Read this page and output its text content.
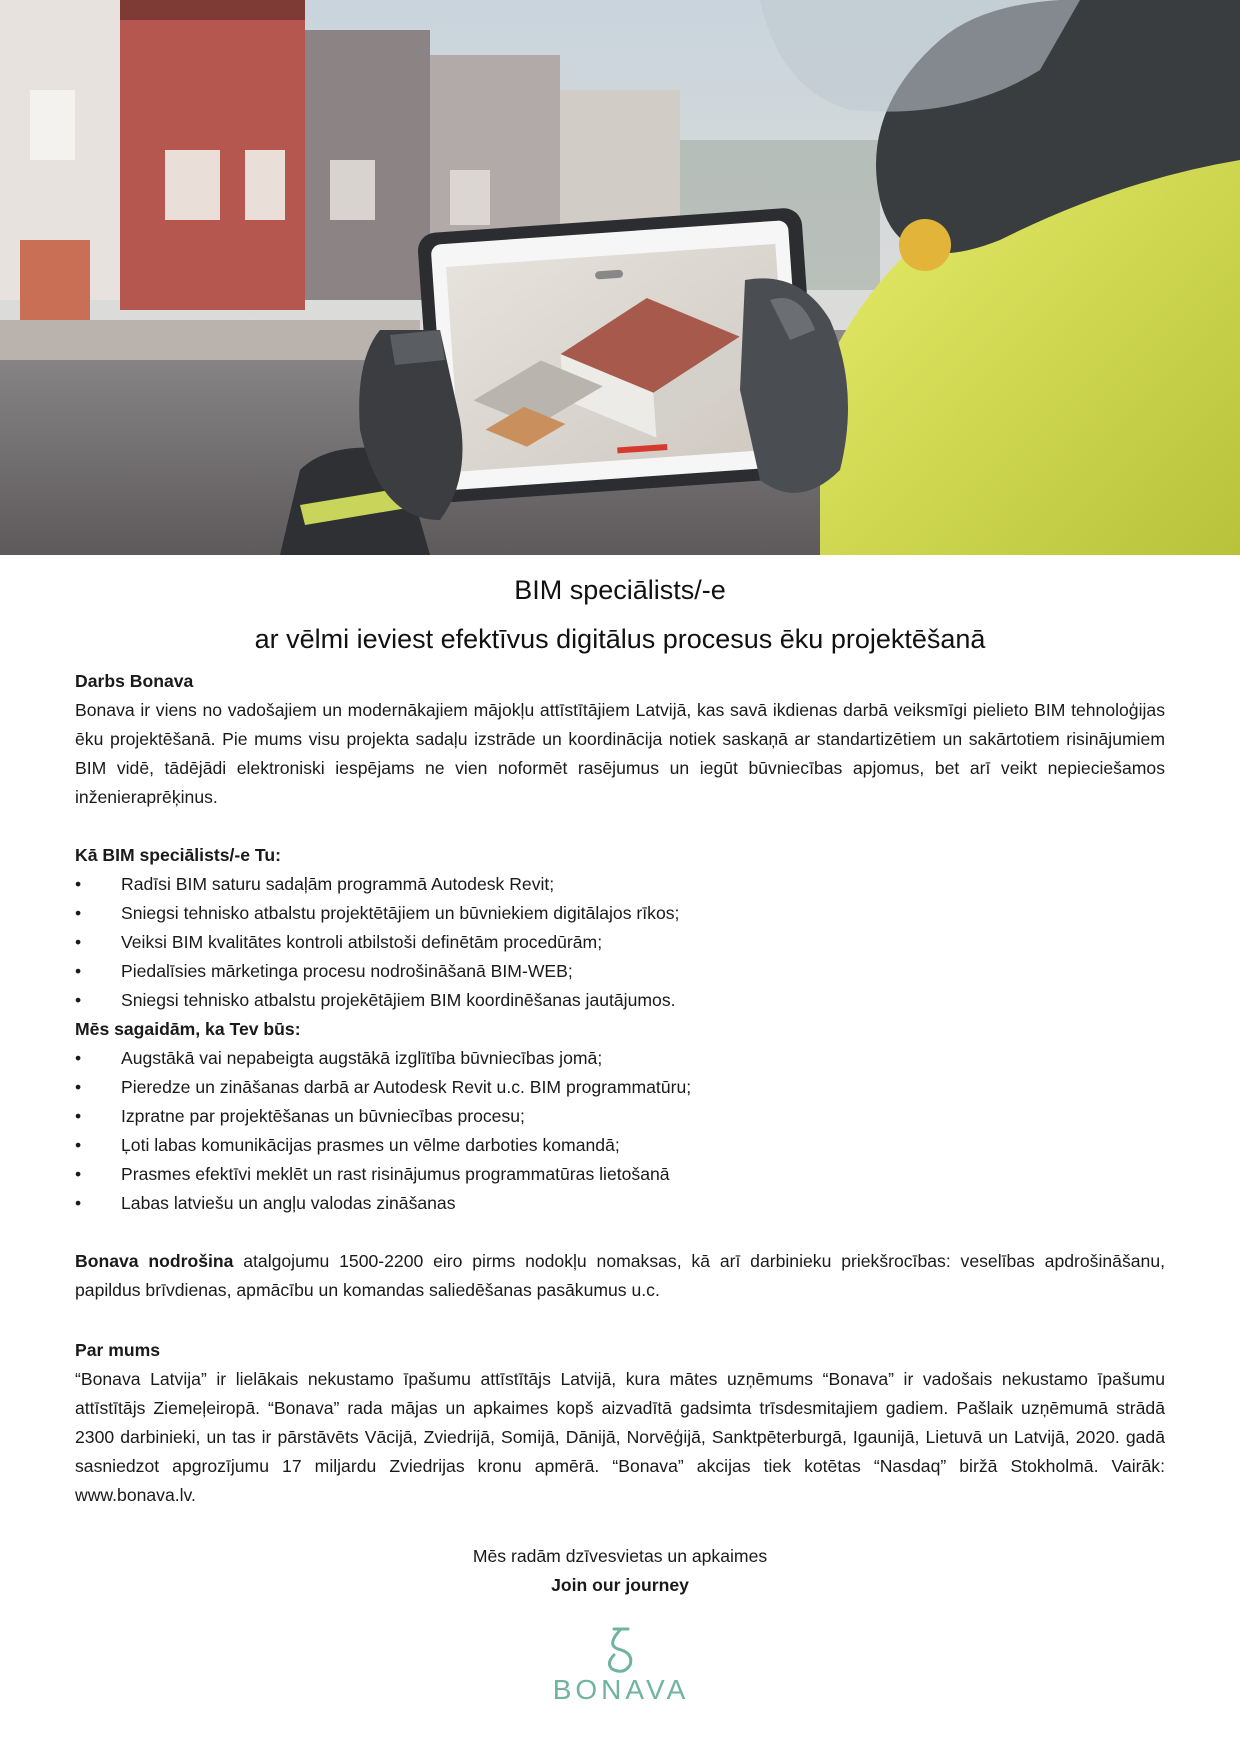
BIM speciālists/-e
ar vēlmi ieviest efektīvus digitālus procesus ēku projektēšanā
Darbs Bonava
Bonava ir viens no vadošajiem un modernākajiem mājokļu attīstītājiem Latvijā, kas savā ikdienas darbā veiksmīgi pielieto BIM tehnoloģijas ēku projektēšanā. Pie mums visu projekta sadaļu izstrāde un koordinācija notiek saskaņā ar standartizētiem un sakārtotiem risinājumiem BIM vidē, tādējādi elektroniski iespējams ne vien noformēt rasējumus un iegūt būvniecības apjomus, bet arī veikt nepieciešamos inženieraprēķinus.
Kā BIM speciālists/-e Tu:
• Radīsi BIM saturu sadaļām programmā Autodesk Revit;
• Sniegsi tehnisko atbalstu projektētājiem un būvniekiem digitālajos rīkos;
• Veiksi BIM kvalitātes kontroli atbilstoši definētām procedūrām;
• Piedalīsies mārketinga procesu nodrošināšanā BIM-WEB;
• Sniegsi tehnisko atbalstu projekētājiem BIM koordinēšanas jautājumos.
Mēs sagaidām, ka Tev būs:
• Augstākā vai nepabeigta augstākā izglītība būvniecības jomā;
• Pieredze un zināšanas darbā ar Autodesk Revit u.c. BIM programmatūru;
• Izpratne par projektēšanas un būvniecības procesu;
• Ļoti labas komunikācijas prasmes un vēlme darboties komandā;
• Prasmes efektīvi meklēt un rast risinājumus programmatūras lietošanā
• Labas latviešu un angļu valodas zināšanas
Bonava nodrošina atalgojumu 1500-2200 eiro pirms nodokļu nomaksas, kā arī darbinieku priekšrocības: veselības apdrošināšanu, papildus brīvdienas, apmācību un komandas saliedēšanas pasākumus u.c.
Par mums
“Bonava Latvija” ir lielākais nekustamo īpašumu attīstītājs Latvijā, kura mātes uzņēmums “Bonava” ir vadošais nekustamo īpašumu attīstītājs Ziemeļeiropā. “Bonava” rada mājas un apkaimes kopš aizvadītā gadsimta trīsdesmitajiem gadiem. Pašlaik uzņēmumā strādā 2300 darbinieki, un tas ir pārstāvēts Vācijā, Zviedrijā, Somijā, Dānijā, Norvēģijā, Sanktpēterburgā, Igaunijā, Lietuvā un Latvijā, 2020. gadā sasniedzot apgrozījumu 17 miljardu Zviedrijas kronu apmērā. “Bonava” akcijas tiek kotētas “Nasdaq” biržā Stokholmā. Vairāk: www.bonava.lv.
Mēs radām dzīvesvietas un apkaimes
Join our journey
BONAVA
